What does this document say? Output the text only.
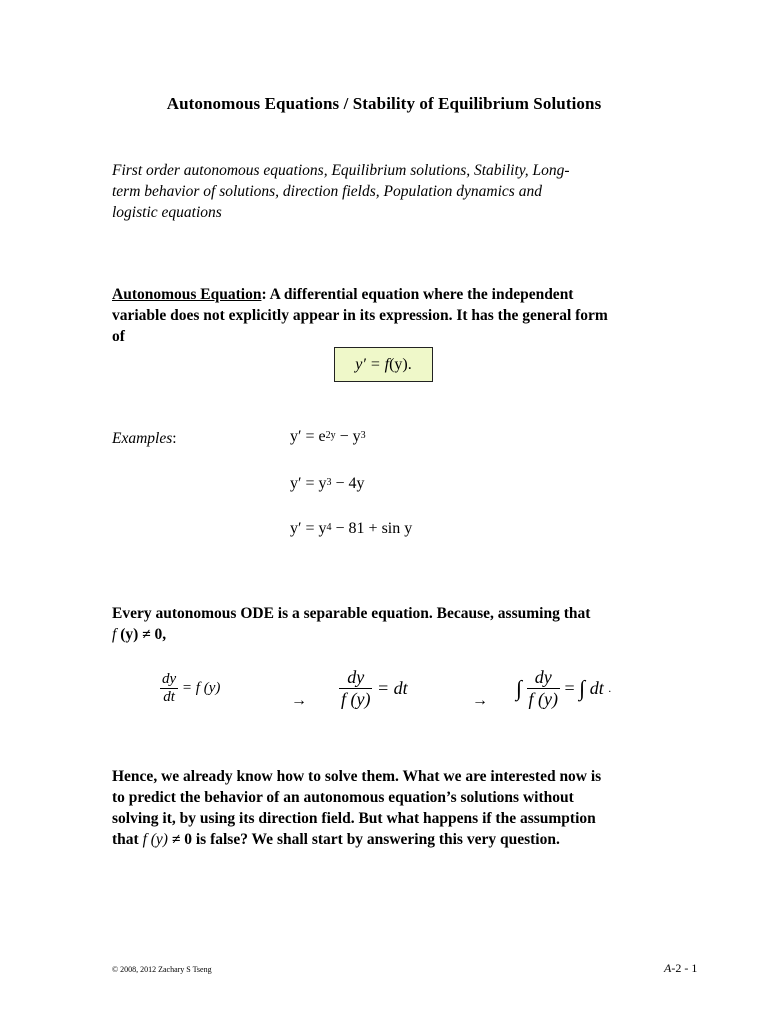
Autonomous Equations / Stability of Equilibrium Solutions
First order autonomous equations, Equilibrium solutions, Stability, Long-
term behavior of solutions, direction fields, Population dynamics and
logistic equations
Autonomous Equation: A differential equation where the independent
variable does not explicitly appear in its expression. It has the general form
of
y′ = f(y).
Examples:	$y' = e^{2y} - y^3$
$y' = y^3 - 4y$
$y' = y^4 - 81 + \sin y$
Every autonomous ODE is a separable equation. Because, assuming that
f (y) ≠ 0,
$\frac{dy}{dt} = f$ (y)
→ $\frac{dy}{f (y)}$ = dt
→ ∫ $\frac{dy}{f (y)}$ = ∫ dt .
Hence, we already know how to solve them. What we are interested now is
to predict the behavior of an autonomous equation’s solutions without
solving it, by using its direction field. But what happens if the assumption
that f (y) ≠ 0 is false? We shall start by answering this very question.
© 2008, 2012 Zachary S Tseng	A-2 - 1
